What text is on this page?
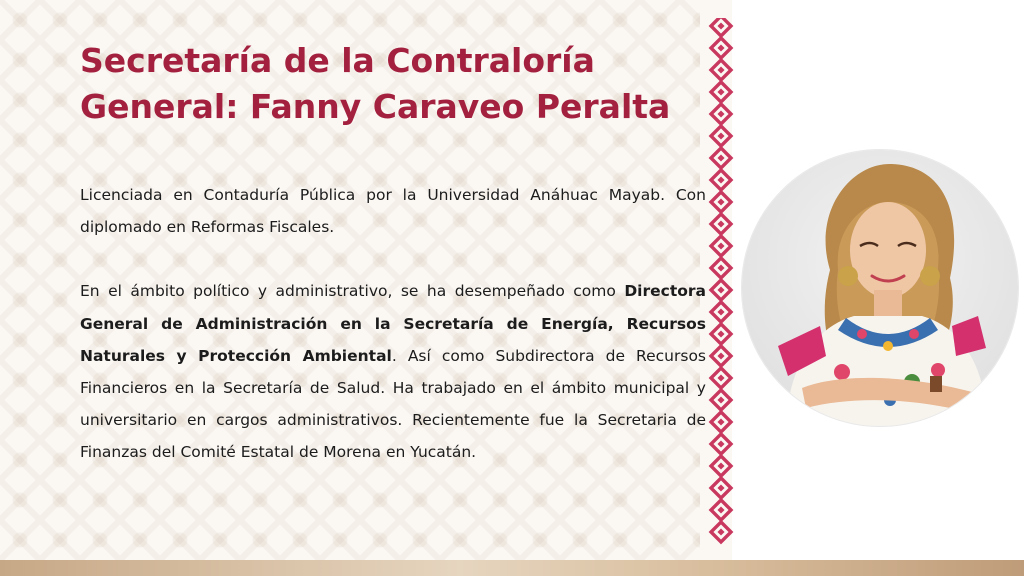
Secretaría de la Contraloría
General: Fanny Caraveo Peralta

Licenciada en Contaduría Pública por la Universidad Anáhuac Mayab. Con diplomado en Reformas Fiscales.

En el ámbito político y administrativo, se ha desempeñado como Directora General de Administración en la Secretaría de Energía, Recursos Naturales y Protección Ambiental. Así como Subdirectora de Recursos Financieros en la Secretaría de Salud. Ha trabajado en el ámbito municipal y universitario en cargos administrativos. Recientemente fue la Secretaria de Finanzas del Comité Estatal de Morena en Yucatán.
